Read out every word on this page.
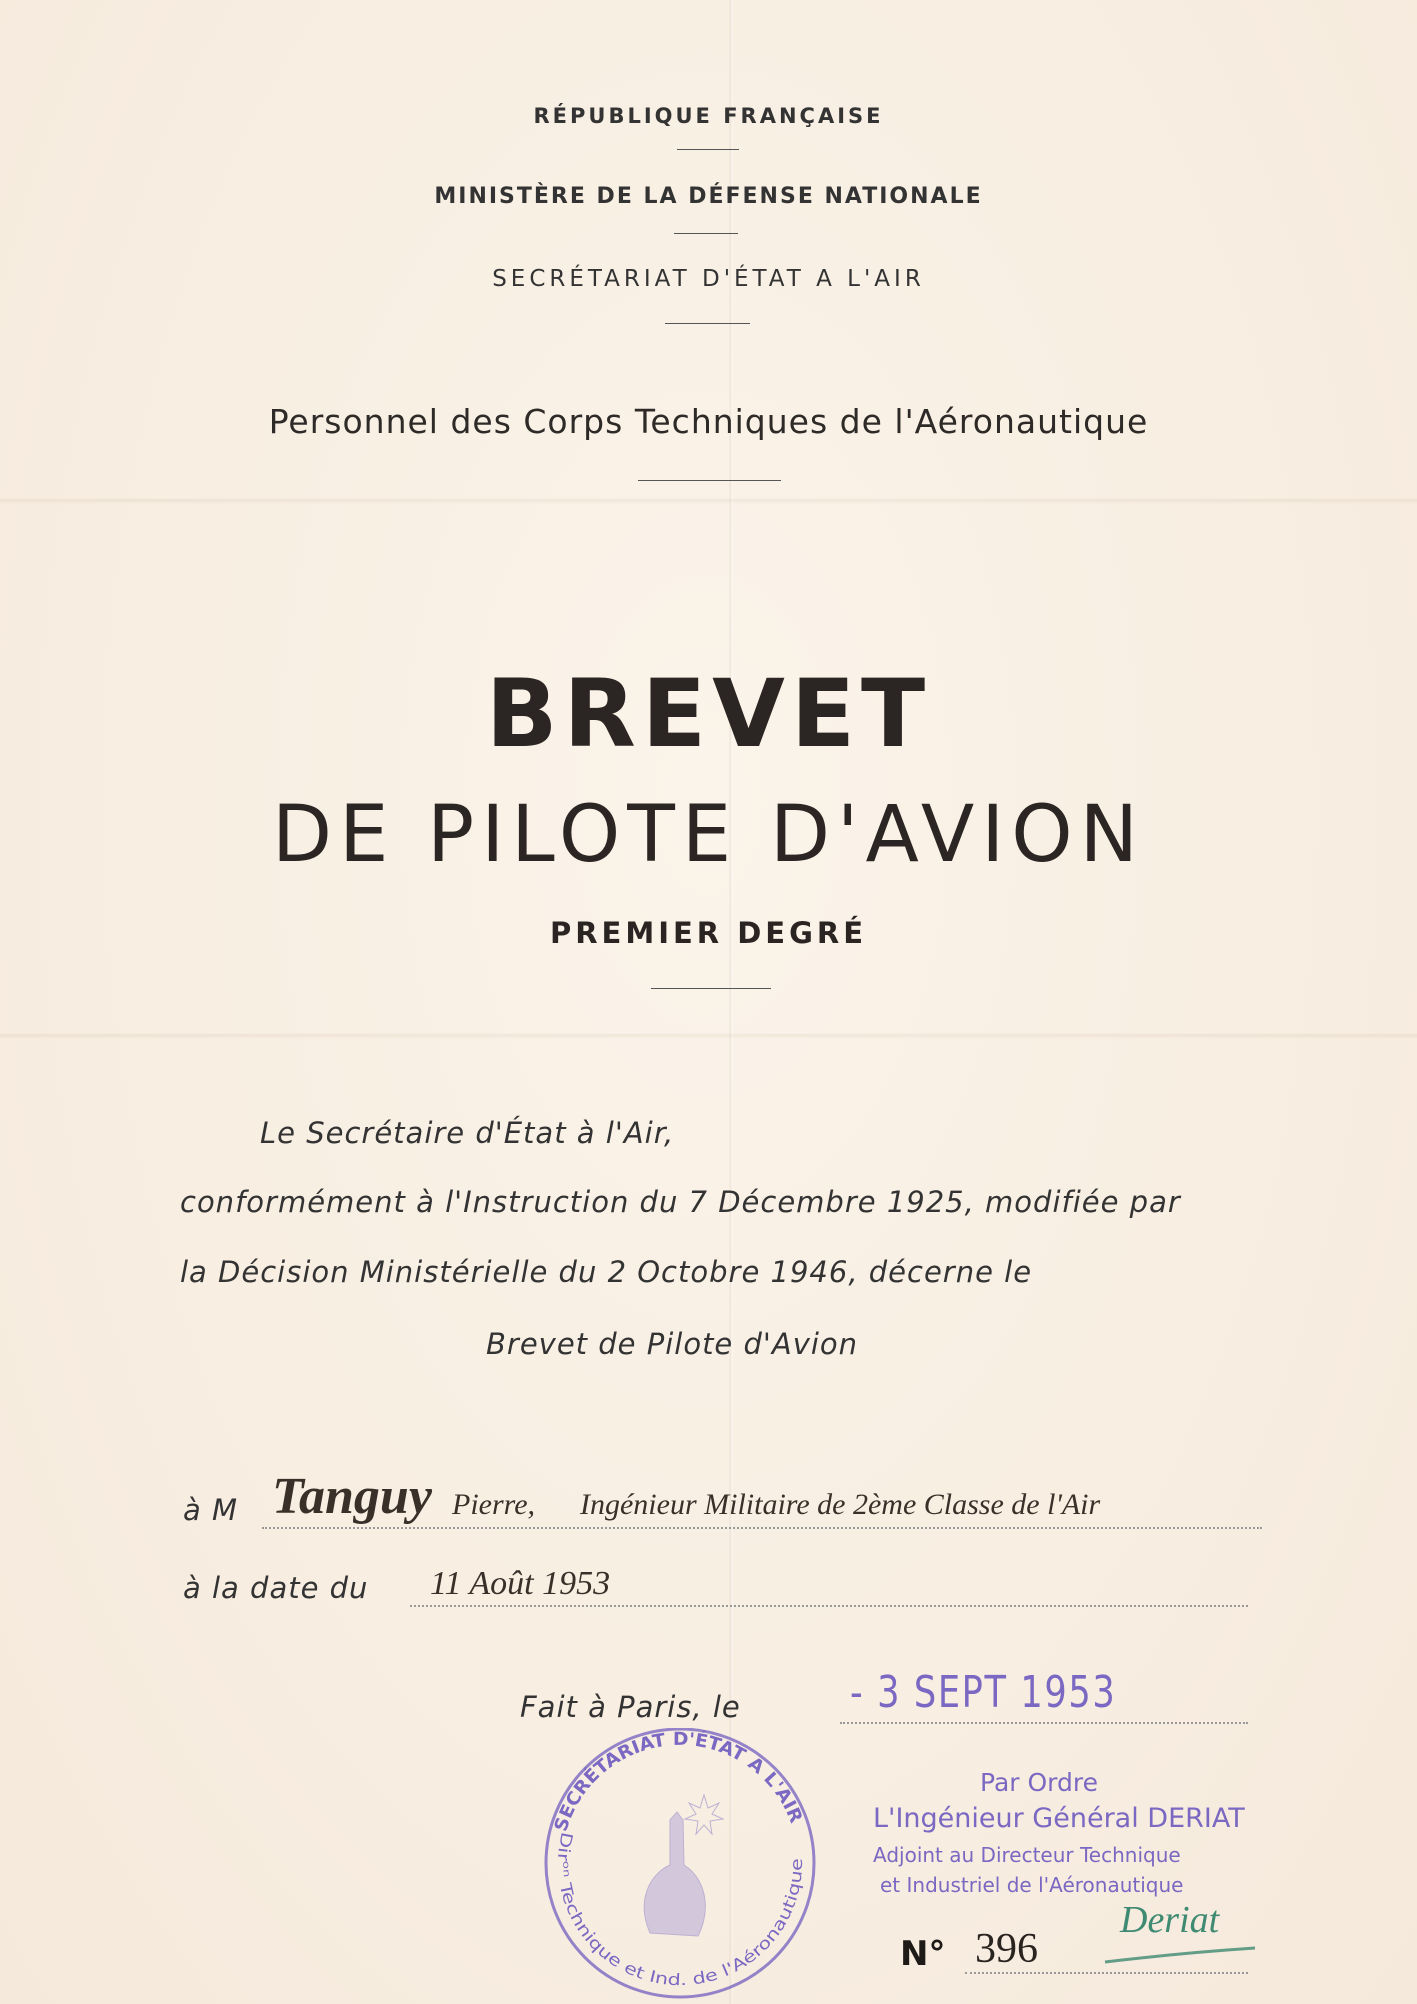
RÉPUBLIQUE FRANÇAISE
MINISTÈRE DE LA DÉFENSE NATIONALE
SECRÉTARIAT D'ÉTAT A L'AIR
Personnel des Corps Techniques de l'Aéronautique
BREVET
DE PILOTE D'AVION
PREMIER DEGRÉ
Le Secrétaire d'État à l'Air,
conformément à l'Instruction du 7 Décembre 1925, modifiée par
la Décision Ministérielle du 2 Octobre 1946, décerne le
Brevet de Pilote d'Avion
à M Tanguy Pierre, Ingénieur Militaire de 2ème Classe de l'Air
à la date du 11 Août 1953
Fait à Paris, le - 3 SEPT 1953
SECRÉTARIAT D'ÉTAT A L'AIR
Dirᵒⁿ Technique et Ind. de l'Aéronautique
Par Ordre
L'Ingénieur Général DERIAT
Adjoint au Directeur Technique
et Industriel de l'Aéronautique
Deriat
N° 396
